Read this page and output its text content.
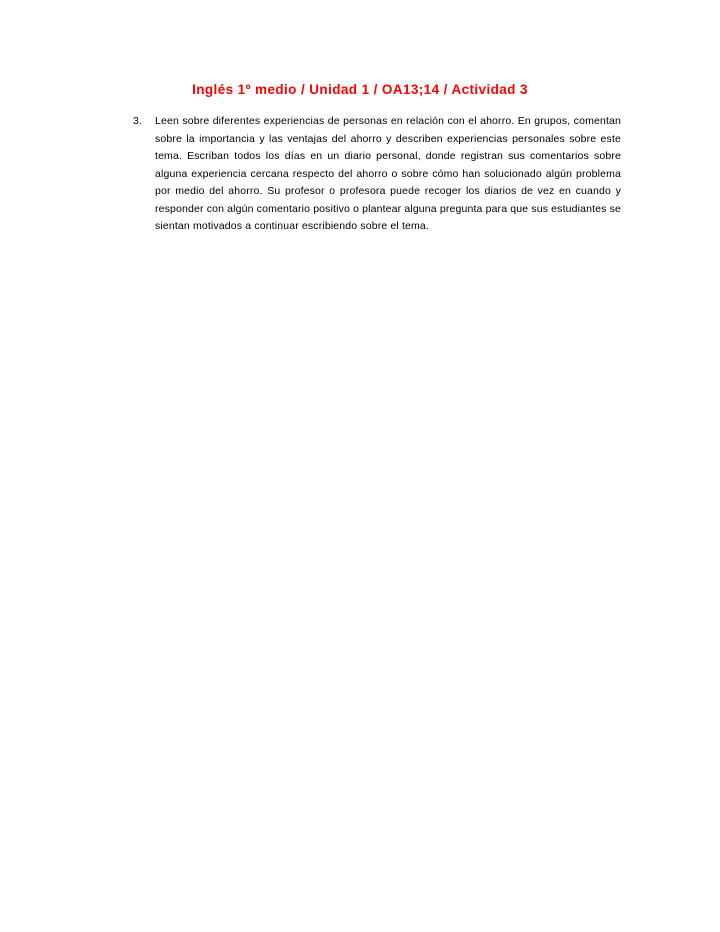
Inglés 1º medio / Unidad 1 / OA13;14 / Actividad 3
3.	Leen sobre diferentes experiencias de personas en relación con el ahorro. En grupos, comentan sobre la importancia y las ventajas del ahorro y describen experiencias personales sobre este tema. Escriban todos los días en un diario personal, donde registran sus comentarios sobre alguna experiencia cercana respecto del ahorro o sobre cómo han solucionado algún problema por medio del ahorro. Su profesor o profesora puede recoger los diarios de vez en cuando y responder con algún comentario positivo o plantear alguna pregunta para que sus estudiantes se sientan motivados a continuar escribiendo sobre el tema.
